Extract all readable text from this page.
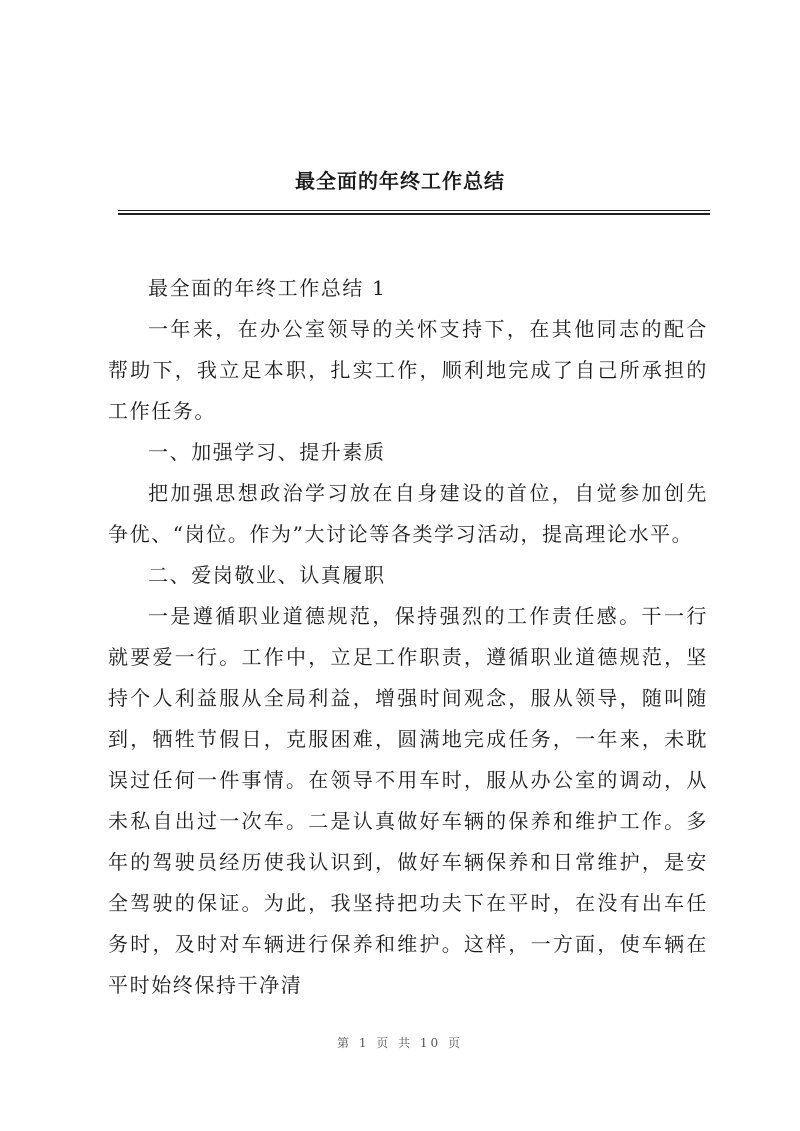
最全面的年终工作总结

最全面的年终工作总结 1

一年来，在办公室领导的关怀支持下，在其他同志的配合帮助下，我立足本职，扎实工作，顺利地完成了自己所承担的工作任务。

一、加强学习、提升素质

把加强思想政治学习放在自身建设的首位，自觉参加创先争优、“岗位。作为”大讨论等各类学习活动，提高理论水平。

二、爱岗敬业、认真履职

一是遵循职业道德规范，保持强烈的工作责任感。干一行就要爱一行。工作中，立足工作职责，遵循职业道德规范，坚持个人利益服从全局利益，增强时间观念，服从领导，随叫随到，牺牲节假日，克服困难，圆满地完成任务，一年来，未耽误过任何一件事情。在领导不用车时，服从办公室的调动，从未私自出过一次车。二是认真做好车辆的保养和维护工作。多年的驾驶员经历使我认识到，做好车辆保养和日常维护，是安全驾驶的保证。为此，我坚持把功夫下在平时，在没有出车任务时，及时对车辆进行保养和维护。这样，一方面，使车辆在平时始终保持干净清

第 1 页 共 10 页
